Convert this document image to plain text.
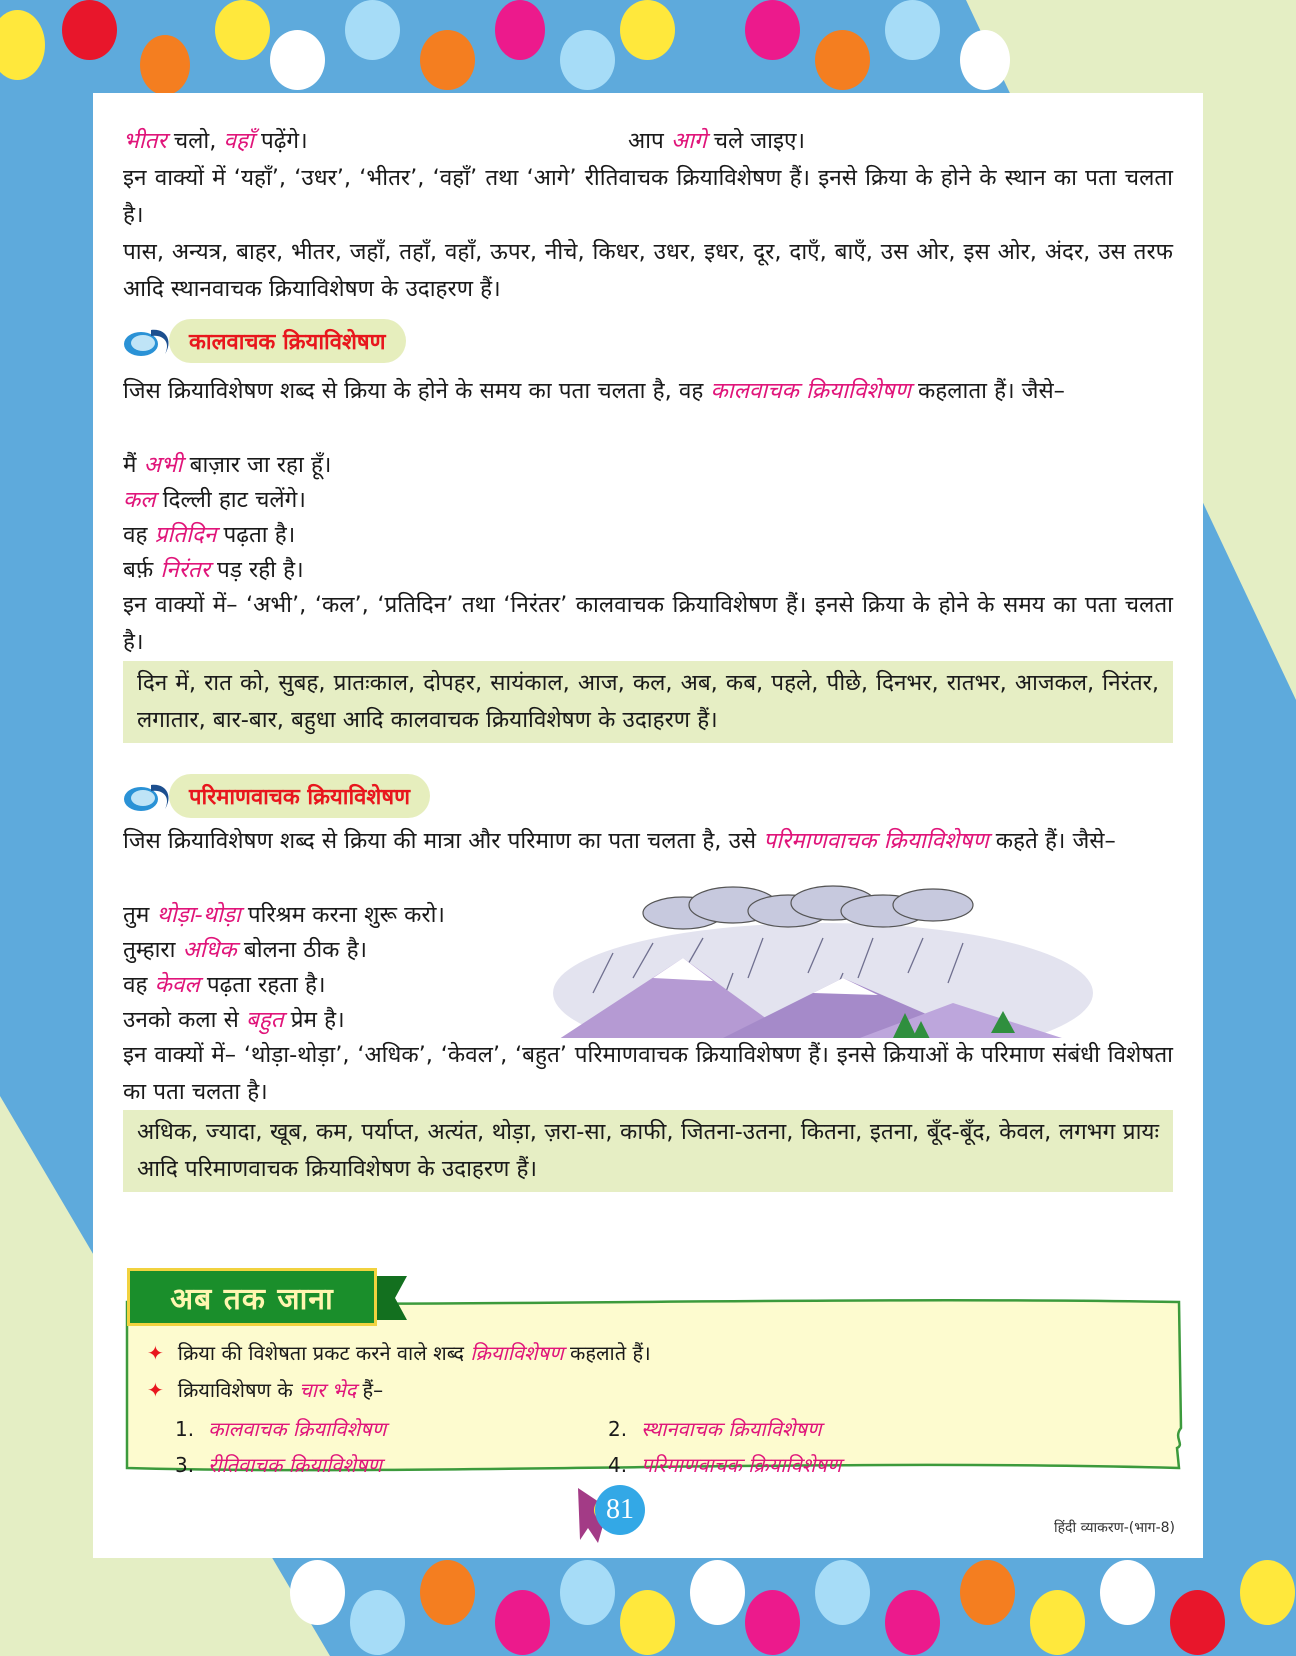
भीतर चलो, वहाँ पढ़ेंगे।	आप आगे चले जाइए।

इन वाक्यों में ‘यहाँ’, ‘उधर’, ‘भीतर’, ‘वहाँ’ तथा ‘आगे’ रीतिवाचक क्रियाविशेषण हैं। इनसे क्रिया के होने के स्थान का पता चलता है।

पास, अन्यत्र, बाहर, भीतर, जहाँ, तहाँ, वहाँ, ऊपर, नीचे, किधर, उधर, इधर, दूर, दाएँ, बाएँ, उस ओर, इस ओर, अंदर, उस तरफ आदि स्थानवाचक क्रियाविशेषण के उदाहरण हैं।

कालवाचक क्रियाविशेषण

जिस क्रियाविशेषण शब्द से क्रिया के होने के समय का पता चलता है, वह कालवाचक क्रियाविशेषण कहलाता हैं। जैसे–

मैं अभी बाज़ार जा रहा हूँ।

कल दिल्ली हाट चलेंगे।

वह प्रतिदिन पढ़ता है।

बर्फ़ निरंतर पड़ रही है।

इन वाक्यों में– ‘अभी’, ‘कल’, ‘प्रतिदिन’ तथा ‘निरंतर’ कालवाचक क्रियाविशेषण हैं। इनसे क्रिया के होने के समय का पता चलता है।

दिन में, रात को, सुबह, प्रातःकाल, दोपहर, सायंकाल, आज, कल, अब, कब, पहले, पीछे, दिनभर, रातभर, आजकल, निरंतर, लगातार, बार-बार, बहुधा आदि कालवाचक क्रियाविशेषण के उदाहरण हैं।
परिमाणवाचक क्रियाविशेषण

जिस क्रियाविशेषण शब्द से क्रिया की मात्रा और परिमाण का पता चलता है, उसे परिमाणवाचक क्रियाविशेषण कहते हैं। जैसे–

तुम थोड़ा-थोड़ा परिश्रम करना शुरू करो।

तुम्हारा अधिक बोलना ठीक है।

वह केवल पढ़ता रहता है।

उनको कला से बहुत प्रेम है।

इन वाक्यों में– ‘थोड़ा-थोड़ा’, ‘अधिक’, ‘केवल’, ‘बहुत’ परिमाणवाचक क्रियाविशेषण हैं। इनसे क्रियाओं के परिमाण संबंधी विशेषता का पता चलता है।

अधिक, ज्यादा, खूब, कम, पर्याप्त, अत्यंत, थोड़ा, ज़रा-सा, काफी, जितना-उतना, कितना, इतना, बूँद-बूँद, केवल, लगभग प्रायः आदि परिमाणवाचक क्रियाविशेषण के उदाहरण हैं।
अब तक जाना
✦ क्रिया की विशेषता प्रकट करने वाले शब्द क्रियाविशेषण कहलाते हैं।
✦ क्रियाविशेषण के चार भेद हैं–
1. कालवाचक क्रियाविशेषण	2. स्थानवाचक क्रियाविशेषण
3. रीतिवाचक क्रियाविशेषण	4. परिमाणवाचक क्रियाविशेषण
81
हिंदी व्याकरण-(भाग-8)
